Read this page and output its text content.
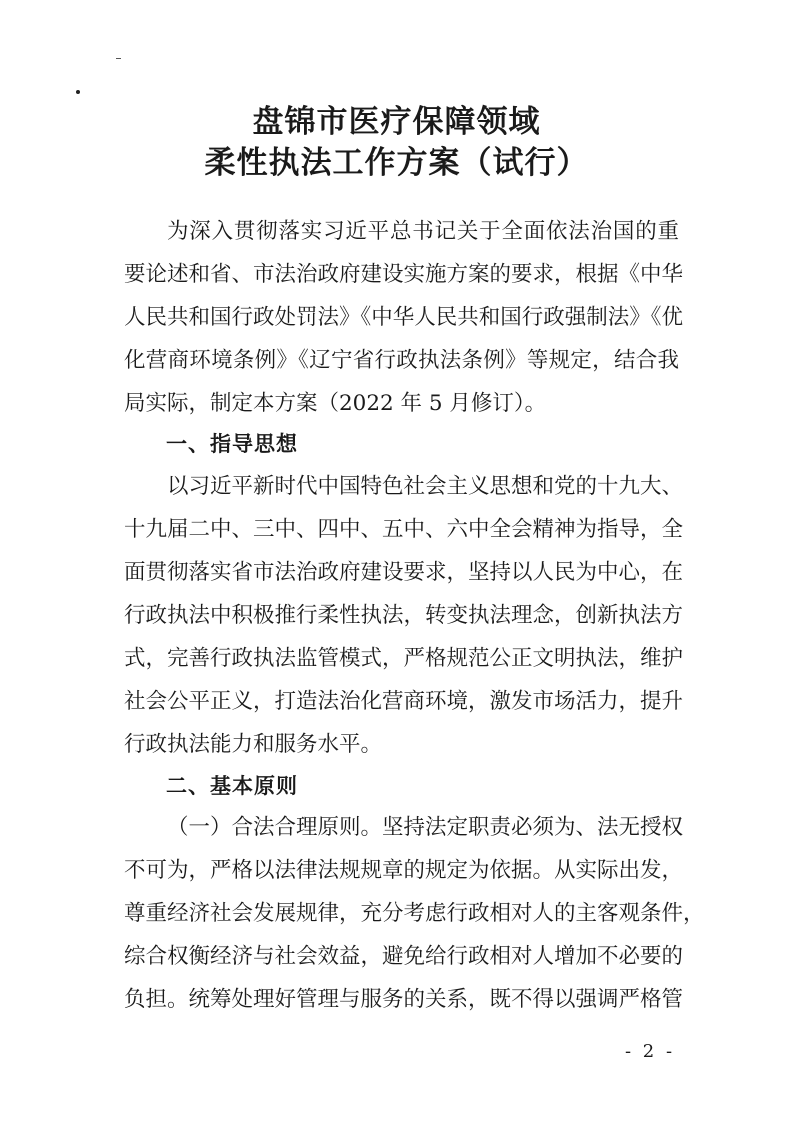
盘锦市医疗保障领域
柔性执法工作方案（试行）
为深入贯彻落实习近平总书记关于全面依法治国的重
要论述和省、市法治政府建设实施方案的要求，根据《中华
人民共和国行政处罚法》《中华人民共和国行政强制法》《优
化营商环境条例》《辽宁省行政执法条例》等规定，结合我
局实际，制定本方案（2022 年 5 月修订）。
一、指导思想
以习近平新时代中国特色社会主义思想和党的十九大、
十九届二中、三中、四中、五中、六中全会精神为指导，全
面贯彻落实省市法治政府建设要求，坚持以人民为中心，在
行政执法中积极推行柔性执法，转变执法理念，创新执法方
式，完善行政执法监管模式，严格规范公正文明执法，维护
社会公平正义，打造法治化营商环境，激发市场活力，提升
行政执法能力和服务水平。
二、基本原则
（一）合法合理原则。坚持法定职责必须为、法无授权
不可为，严格以法律法规规章的规定为依据。从实际出发，
尊重经济社会发展规律，充分考虑行政相对人的主客观条件，
综合权衡经济与社会效益，避免给行政相对人增加不必要的
负担。统筹处理好管理与服务的关系，既不得以强调严格管
- 2 -
